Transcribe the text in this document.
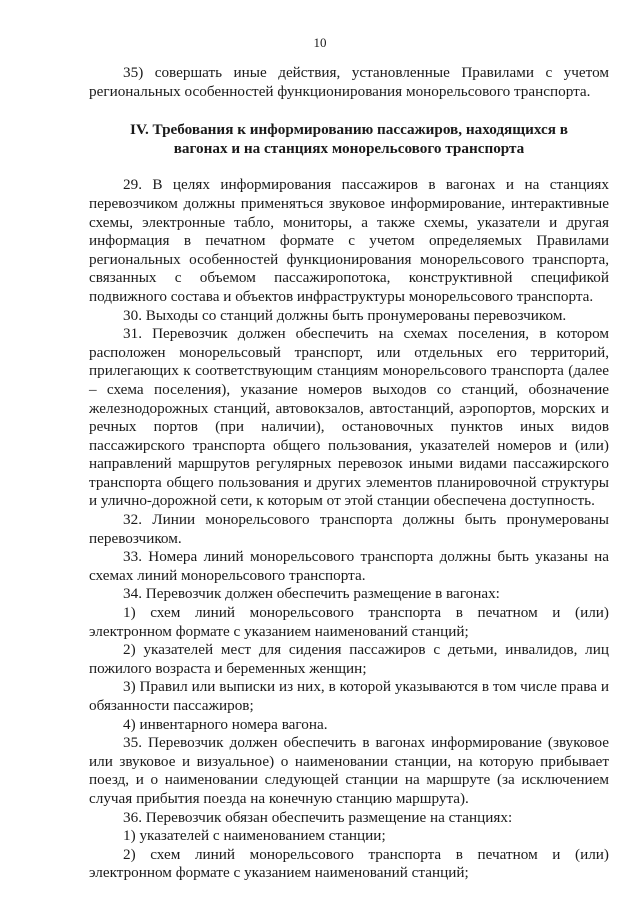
10

35) совершать иные действия, установленные Правилами с учетом региональных особенностей функционирования монорельсового транспорта.

IV. Требования к информированию пассажиров, находящихся в вагонах и на станциях монорельсового транспорта

29. В целях информирования пассажиров в вагонах и на станциях перевозчиком должны применяться звуковое информирование, интерактивные схемы, электронные табло, мониторы, а также схемы, указатели и другая информация в печатном формате с учетом определяемых Правилами региональных особенностей функционирования монорельсового транспорта, связанных с объемом пассажиропотока, конструктивной спецификой подвижного состава и объектов инфраструктуры монорельсового транспорта.

30. Выходы со станций должны быть пронумерованы перевозчиком.

31. Перевозчик должен обеспечить на схемах поселения, в котором расположен монорельсовый транспорт, или отдельных его территорий, прилегающих к соответствующим станциям монорельсового транспорта (далее – схема поселения), указание номеров выходов со станций, обозначение железнодорожных станций, автовокзалов, автостанций, аэропортов, морских и речных портов (при наличии), остановочных пунктов иных видов пассажирского транспорта общего пользования, указателей номеров и (или) направлений маршрутов регулярных перевозок иными видами пассажирского транспорта общего пользования и других элементов планировочной структуры и улично-дорожной сети, к которым от этой станции обеспечена доступность.

32. Линии монорельсового транспорта должны быть пронумерованы перевозчиком.

33. Номера линий монорельсового транспорта должны быть указаны на схемах линий монорельсового транспорта.

34. Перевозчик должен обеспечить размещение в вагонах:

1) схем линий монорельсового транспорта в печатном и (или) электронном формате с указанием наименований станций;

2) указателей мест для сидения пассажиров с детьми, инвалидов, лиц пожилого возраста и беременных женщин;

3) Правил или выписки из них, в которой указываются в том числе права и обязанности пассажиров;

4) инвентарного номера вагона.

35. Перевозчик должен обеспечить в вагонах информирование (звуковое или звуковое и визуальное) о наименовании станции, на которую прибывает поезд, и о наименовании следующей станции на маршруте (за исключением случая прибытия поезда на конечную станцию маршрута).

36. Перевозчик обязан обеспечить размещение на станциях:

1) указателей с наименованием станции;

2) схем линий монорельсового транспорта в печатном и (или) электронном формате с указанием наименований станций;
